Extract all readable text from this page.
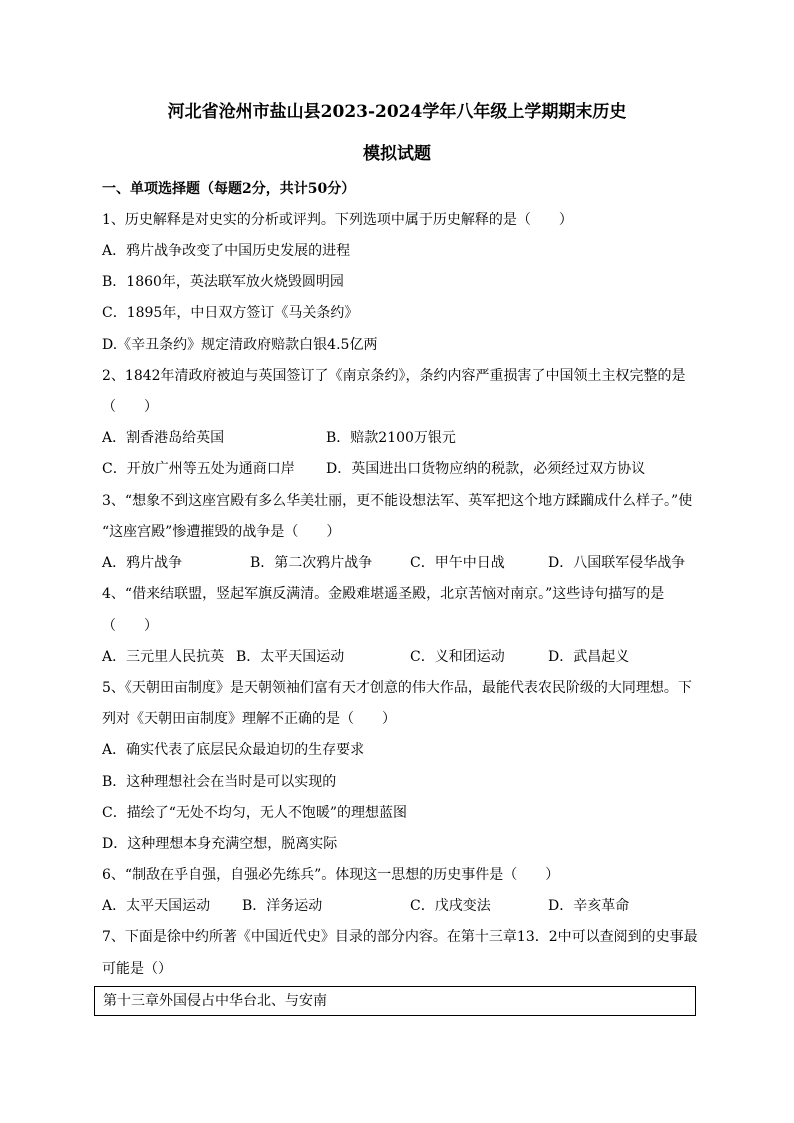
河北省沧州市盐山县2023-2024学年八年级上学期期末历史
模拟试题
一、单项选择题（每题2分，共计50分）
1、历史解释是对史实的分析或评判。下列选项中属于历史解释的是（　　）
A．鸦片战争改变了中国历史发展的进程
B．1860年，英法联军放火烧毁圆明园
C．1895年，中日双方签订《马关条约》
D.《辛丑条约》规定清政府赔款白银4.5亿两
2、1842年清政府被迫与英国签订了《南京条约》，条约内容严重损害了中国领土主权完整的是
（　　）
A．割香港岛给英国	B．赔款2100万银元
C．开放广州等五处为通商口岸 D．英国进出口货物应纳的税款，必须经过双方协议
3、“想象不到这座宫殿有多么华美壮丽，更不能设想法军、英军把这个地方蹂躏成什么样子。”使
“这座宫殿”惨遭摧毁的战争是（　　）
A．鸦片战争	B．第二次鸦片战争	C．甲午中日战	D．八国联军侵华战争
4、“借来结联盟，竖起军旗反满清。金殿难堪遥圣殿，北京苦恼对南京。”这些诗句描写的是
（　　）
A．三元里人民抗英 B．太平天国运动	C．义和团运动	D．武昌起义
5、《天朝田亩制度》是天朝领袖们富有天才创意的伟大作品，最能代表农民阶级的大同理想。下
列对《天朝田亩制度》理解不正确的是（　　）
A．确实代表了底层民众最迫切的生存要求
B．这种理想社会在当时是可以实现的
C．描绘了“无处不均匀，无人不饱暖”的理想蓝图
D．这种理想本身充满空想，脱离实际
6、“制敌在乎自强，自强必先练兵”。体现这一思想的历史事件是（　　）
A．太平天国运动 B．洋务运动	C．戊戌变法	D．辛亥革命
7、下面是徐中约所著《中国近代史》目录的部分内容。在第十三章13．2中可以查阅到的史事最
可能是（）
第十三章外国侵占中华台北、与安南
